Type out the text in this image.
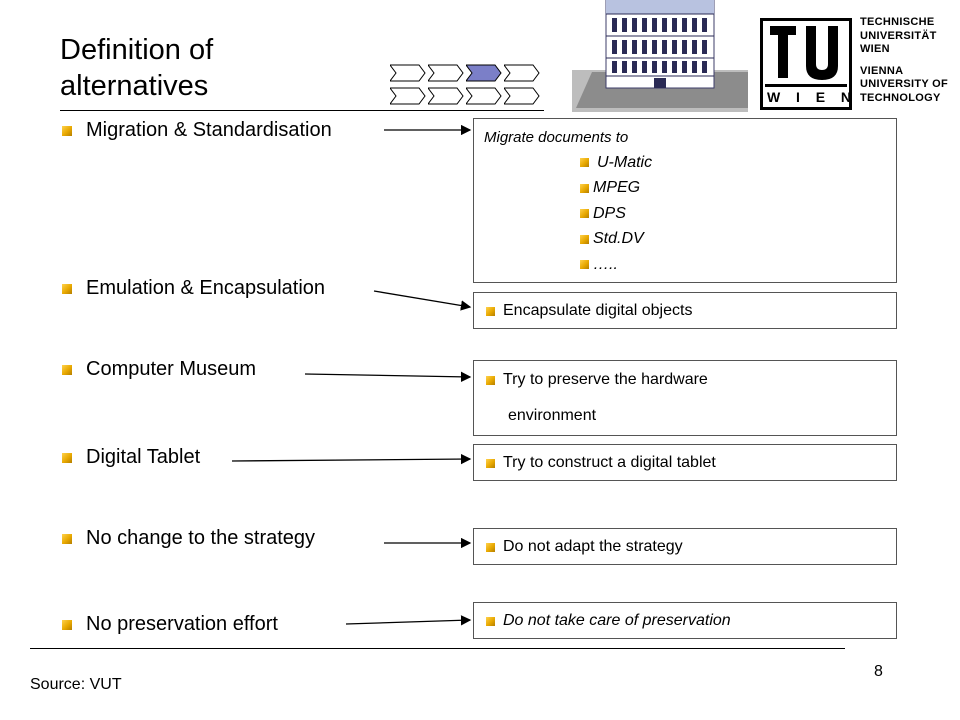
Definition of
alternatives	W I E N
TECHNISCHE
UNIVERSITÄT
WIEN
VIENNA
UNIVERSITY OF
TECHNOLOGY
Migration & Standardisation
Emulation & Encapsulation
Computer Museum
Digital Tablet
No change to the strategy
No preservation effort
Migrate documents to
U-Matic
MPEG
DPS
Std.DV
…..
Encapsulate digital objects
Try to preserve the hardware
environment
Try to construct a digital tablet
Do not adapt the strategy
Do not take care of preservation
8
Source: VUT
